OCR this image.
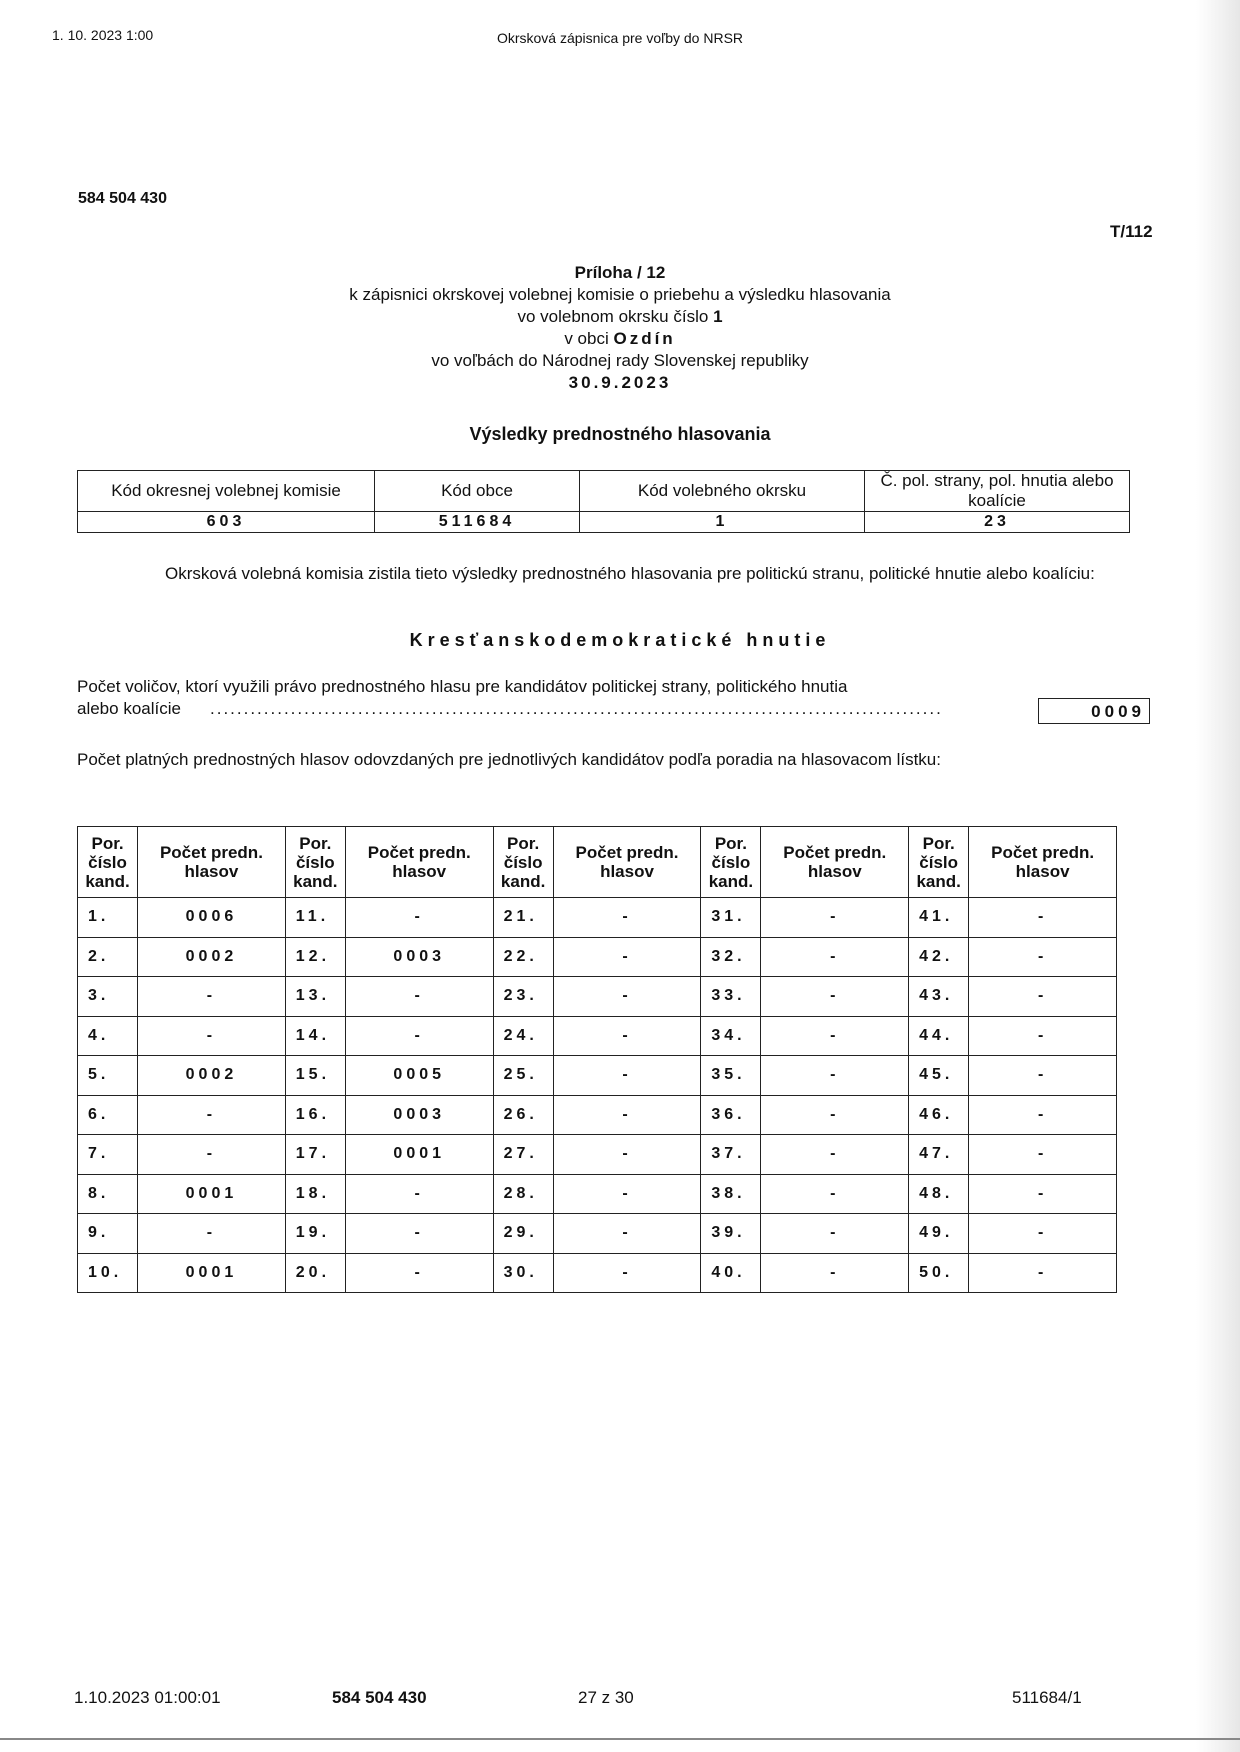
1. 10. 2023 1:00	Okrsková zápisnica pre voľby do NRSR
584 504 430
T/112
Príloha / 12
k zápisnici okrskovej volebnej komisie o priebehu a výsledku hlasovania
vo volebnom okrsku číslo 1
v obci Ozdín
vo voľbách do Národnej rady Slovenskej republiky
30.9.2023
Výsledky prednostného hlasovania
Kód okresnej volebnej komisie	Kód obce	Kód volebného okrsku	Č. pol. strany, pol. hnutia alebo koalície
603	511684	1	23
Okrsková volebná komisia zistila tieto výsledky prednostného hlasovania pre politickú stranu, politické hnutie alebo koalíciu:
Kresťanskodemokratické hnutie
Počet voličov, ktorí využili právo prednostného hlasu pre kandidátov politickej strany, politického hnutia
alebo koalície .............................................................................................................	0009
Počet platných prednostných hlasov odovzdaných pre jednotlivých kandidátov podľa poradia na hlasovacom lístku:
Por. číslo kand.	Počet predn. hlasov	Por. číslo kand.	Počet predn. hlasov	Por. číslo kand.	Počet predn. hlasov	Por. číslo kand.	Počet predn. hlasov	Por. číslo kand.	Počet predn. hlasov
1.	0006	11.	-	21.	-	31.	-	41.	-
2.	0002	12.	0003	22.	-	32.	-	42.	-
3.	-	13.	-	23.	-	33.	-	43.	-
4.	-	14.	-	24.	-	34.	-	44.	-
5.	0002	15.	0005	25.	-	35.	-	45.	-
6.	-	16.	0003	26.	-	36.	-	46.	-
7.	-	17.	0001	27.	-	37.	-	47.	-
8.	0001	18.	-	28.	-	38.	-	48.	-
9.	-	19.	-	29.	-	39.	-	49.	-
10.	0001	20.	-	30.	-	40.	-	50.	-
1.10.2023 01:00:01	584 504 430	27 z 30	511684/1
